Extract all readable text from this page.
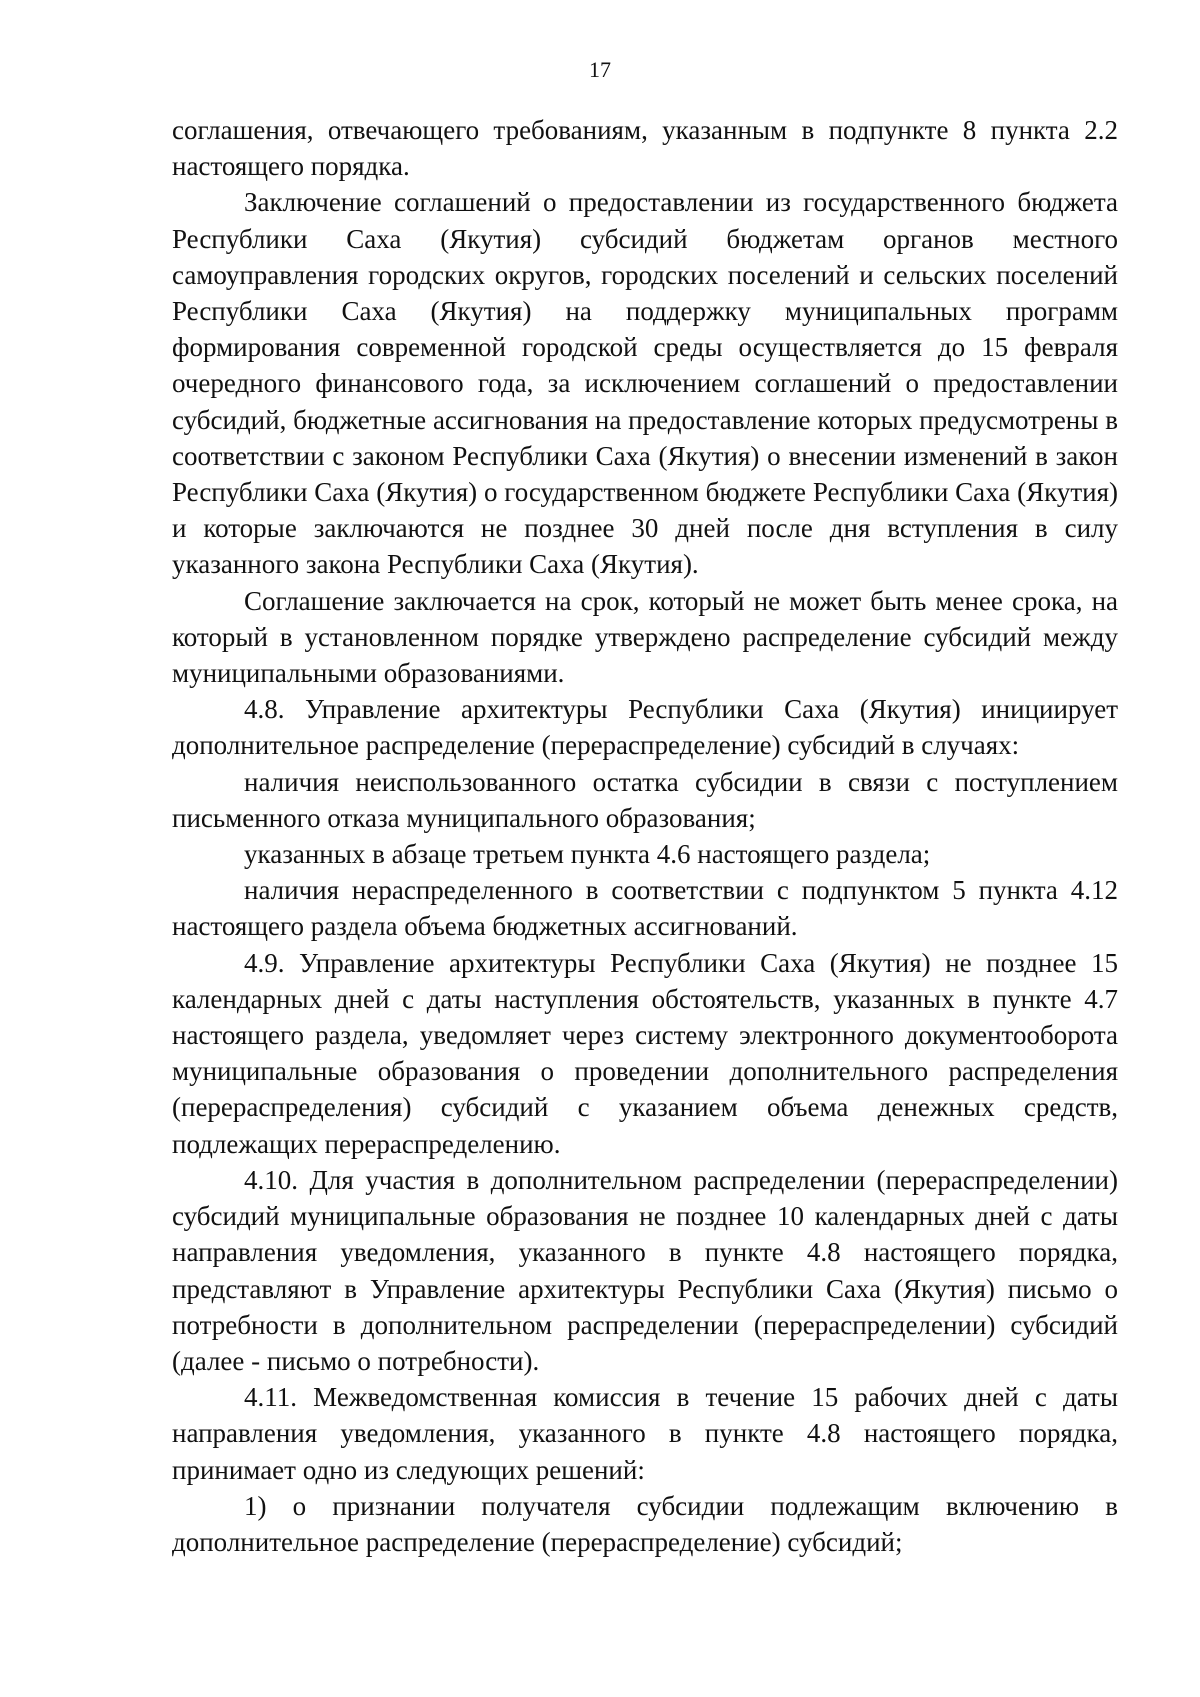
17

соглашения, отвечающего требованиям, указанным в подпункте 8 пункта 2.2 настоящего порядка.

Заключение соглашений о предоставлении из государственного бюджета Республики Саха (Якутия) субсидий бюджетам органов местного самоуправления городских округов, городских поселений и сельских поселений Республики Саха (Якутия) на поддержку муниципальных программ формирования современной городской среды осуществляется до 15 февраля очередного финансового года, за исключением соглашений о предоставлении субсидий, бюджетные ассигнования на предоставление которых предусмотрены в соответствии с законом Республики Саха (Якутия) о внесении изменений в закон Республики Саха (Якутия) о государственном бюджете Республики Саха (Якутия) и которые заключаются не позднее 30 дней после дня вступления в силу указанного закона Республики Саха (Якутия).

Соглашение заключается на срок, который не может быть менее срока, на который в установленном порядке утверждено распределение субсидий между муниципальными образованиями.

4.8. Управление архитектуры Республики Саха (Якутия) инициирует дополнительное распределение (перераспределение) субсидий в случаях:

наличия неиспользованного остатка субсидии в связи с поступлением письменного отказа муниципального образования;

указанных в абзаце третьем пункта 4.6 настоящего раздела;

наличия нераспределенного в соответствии с подпунктом 5 пункта 4.12 настоящего раздела объема бюджетных ассигнований.

4.9. Управление архитектуры Республики Саха (Якутия) не позднее 15 календарных дней с даты наступления обстоятельств, указанных в пункте 4.7 настоящего раздела, уведомляет через систему электронного документооборота муниципальные образования о проведении дополнительного распределения (перераспределения) субсидий с указанием объема денежных средств, подлежащих перераспределению.

4.10. Для участия в дополнительном распределении (перераспределении) субсидий муниципальные образования не позднее 10 календарных дней с даты направления уведомления, указанного в пункте 4.8 настоящего порядка, представляют в Управление архитектуры Республики Саха (Якутия) письмо о потребности в дополнительном распределении (перераспределении) субсидий (далее - письмо о потребности).

4.11. Межведомственная комиссия в течение 15 рабочих дней с даты направления уведомления, указанного в пункте 4.8 настоящего порядка, принимает одно из следующих решений:

1) о признании получателя субсидии подлежащим включению в дополнительное распределение (перераспределение) субсидий;
